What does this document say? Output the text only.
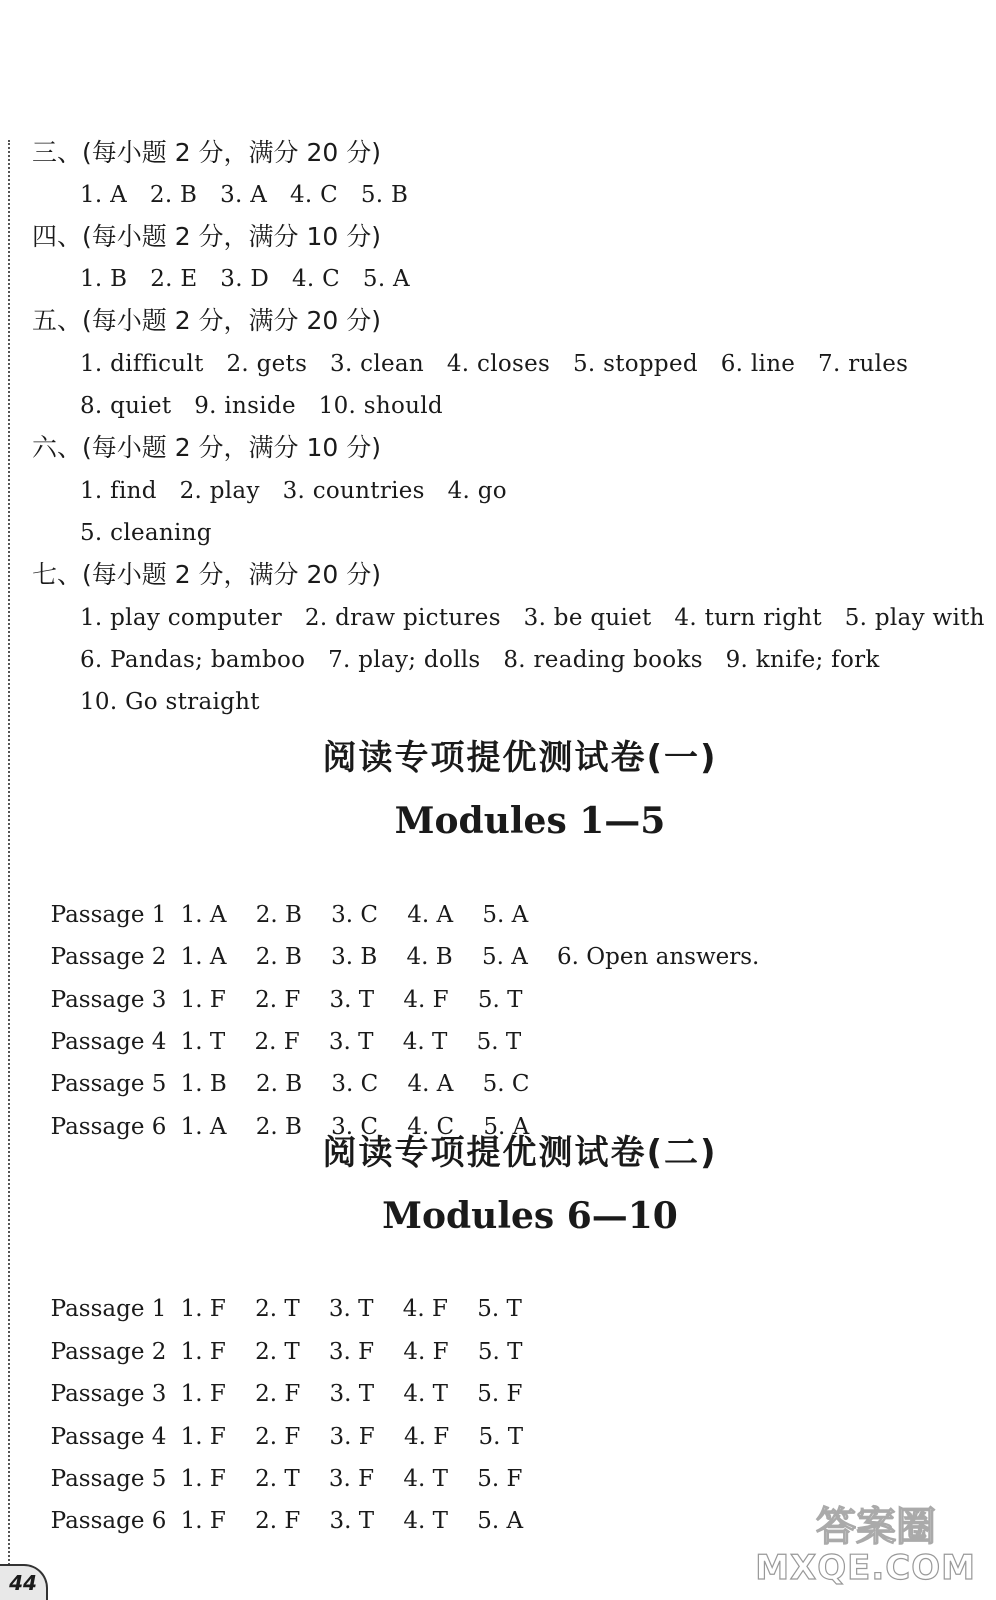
三、(每小题 2 分，满分 20 分)
1. A   2. B   3. A   4. C   5. B
四、(每小题 2 分，满分 10 分)
1. B   2. E   3. D   4. C   5. A
五、(每小题 2 分，满分 20 分)
1. difficult   2. gets   3. clean   4. closes   5. stopped   6. line   7. rules
8. quiet   9. inside   10. should
六、(每小题 2 分，满分 10 分)
1. find   2. play   3. countries   4. go
5. cleaning
七、(每小题 2 分，满分 20 分)
1. play computer   2. draw pictures   3. be quiet   4. turn right   5. play with
6. Pandas; bamboo   7. play; dolls   8. reading books   9. knife; fork
10. Go straight
阅读专项提优测试卷(一)
Modules 1—5

Passage 1 1. A    2. B    3. C    4. A    5. A

Passage 2 1. A    2. B    3. B    4. B    5. A    6. Open answers.

Passage 3 1. F    2. F    3. T    4. F    5. T

Passage 4 1. T    2. F    3. T    4. T    5. T

Passage 5 1. B    2. B    3. C    4. A    5. C

Passage 6 1. A    2. B    3. C    4. C    5. A

阅读专项提优测试卷(二)
Modules 6—10

Passage 1 1. F    2. T    3. T    4. F    5. T

Passage 2 1. F    2. T    3. F    4. F    5. T

Passage 3 1. F    2. F    3. T    4. T    5. F

Passage 4 1. F    2. F    3. F    4. F    5. T

Passage 5 1. F    2. T    3. F    4. T    5. F

Passage 6 1. F    2. F    3. T    4. T    5. A

44
答案圈
MXQE.COM
